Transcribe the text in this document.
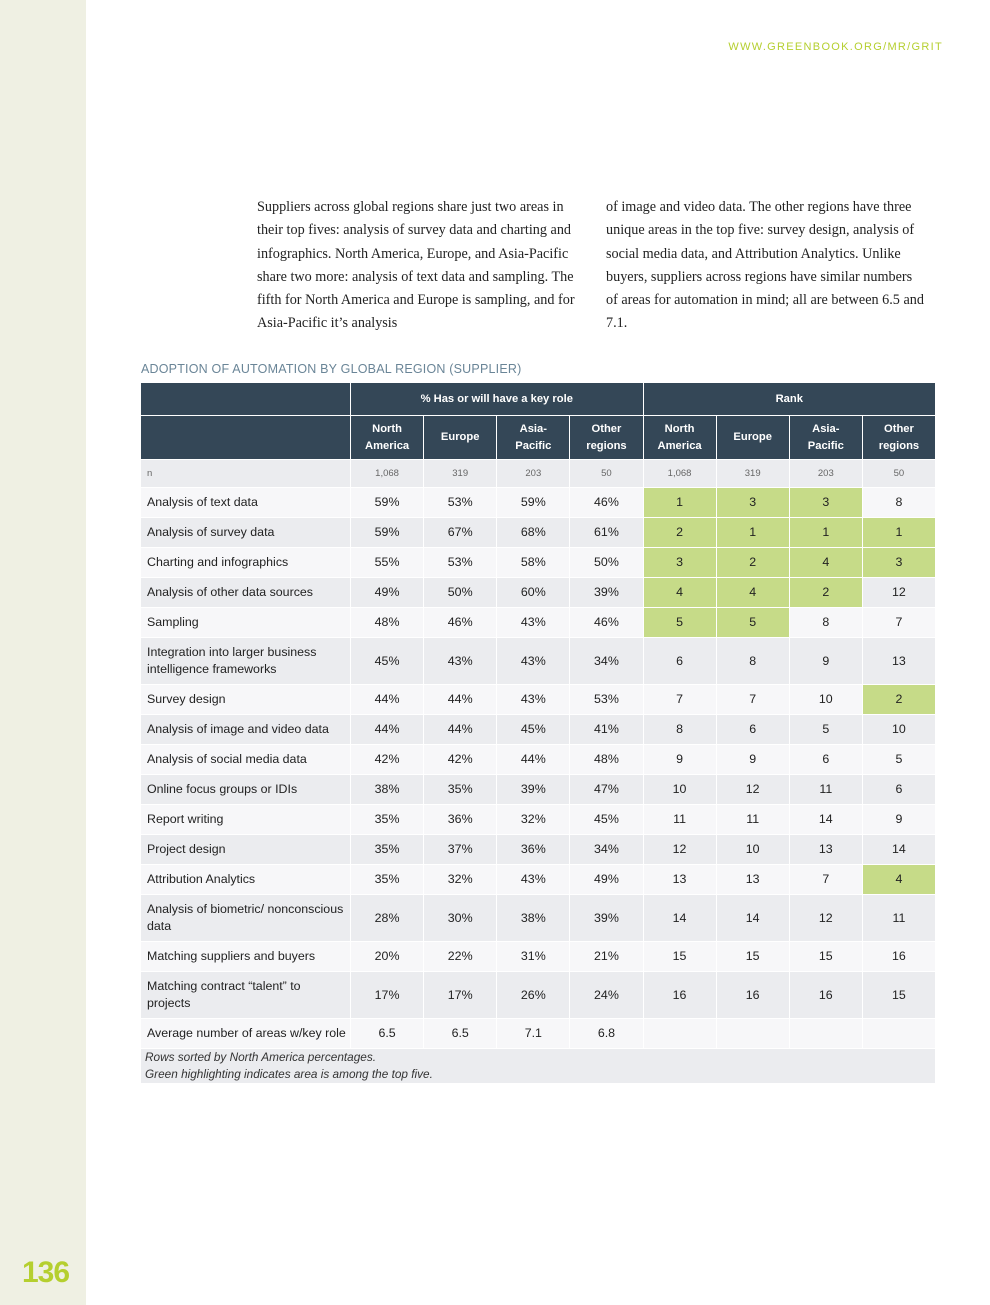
136
WWW.GREENBOOK.ORG/MR/GRIT

Suppliers across global regions share just two areas in their top fives: analysis of survey data and charting and infographics. North America, Europe, and Asia-Pacific share two more: analysis of text data and sampling. The fifth for North America and Europe is sampling, and for Asia-Pacific it’s analysis

of image and video data. The other regions have three unique areas in the top five: survey design, analysis of social media data, and Attribution Analytics. Unlike buyers, suppliers across regions have similar numbers of areas for automation in mind; all are between 6.5 and 7.1.

ADOPTION OF AUTOMATION BY GLOBAL REGION (SUPPLIER)
	% Has or will have a key role				Rank			
	North
America	Europe	Asia-
Pacific	Other
regions	North
America	Europe	Asia-
Pacific	Other
regions
n	1,068	319	203	50	1,068	319	203	50
Analysis of text data	59%	53%	59%	46%	1	3	3	8
Analysis of survey data	59%	67%	68%	61%	2	1	1	1
Charting and infographics	55%	53%	58%	50%	3	2	4	3
Analysis of other data sources	49%	50%	60%	39%	4	4	2	12
Sampling	48%	46%	43%	46%	5	5	8	7
Integration into larger business intelligence frameworks	45%	43%	43%	34%	6	8	9	13
Survey design	44%	44%	43%	53%	7	7	10	2
Analysis of image and video data	44%	44%	45%	41%	8	6	5	10
Analysis of social media data	42%	42%	44%	48%	9	9	6	5
Online focus groups or IDIs	38%	35%	39%	47%	10	12	11	6
Report writing	35%	36%	32%	45%	11	11	14	9
Project design	35%	37%	36%	34%	12	10	13	14
Attribution Analytics	35%	32%	43%	49%	13	13	7	4
Analysis of biometric/ nonconscious data	28%	30%	38%	39%	14	14	12	11
Matching suppliers and buyers	20%	22%	31%	21%	15	15	15	16
Matching contract “talent” to projects	17%	17%	26%	24%	16	16	16	15
Average number of areas w/key role	6.5	6.5	7.1	6.8				

Rows sorted by North America percentages.
Green highlighting indicates area is among the top five.								
